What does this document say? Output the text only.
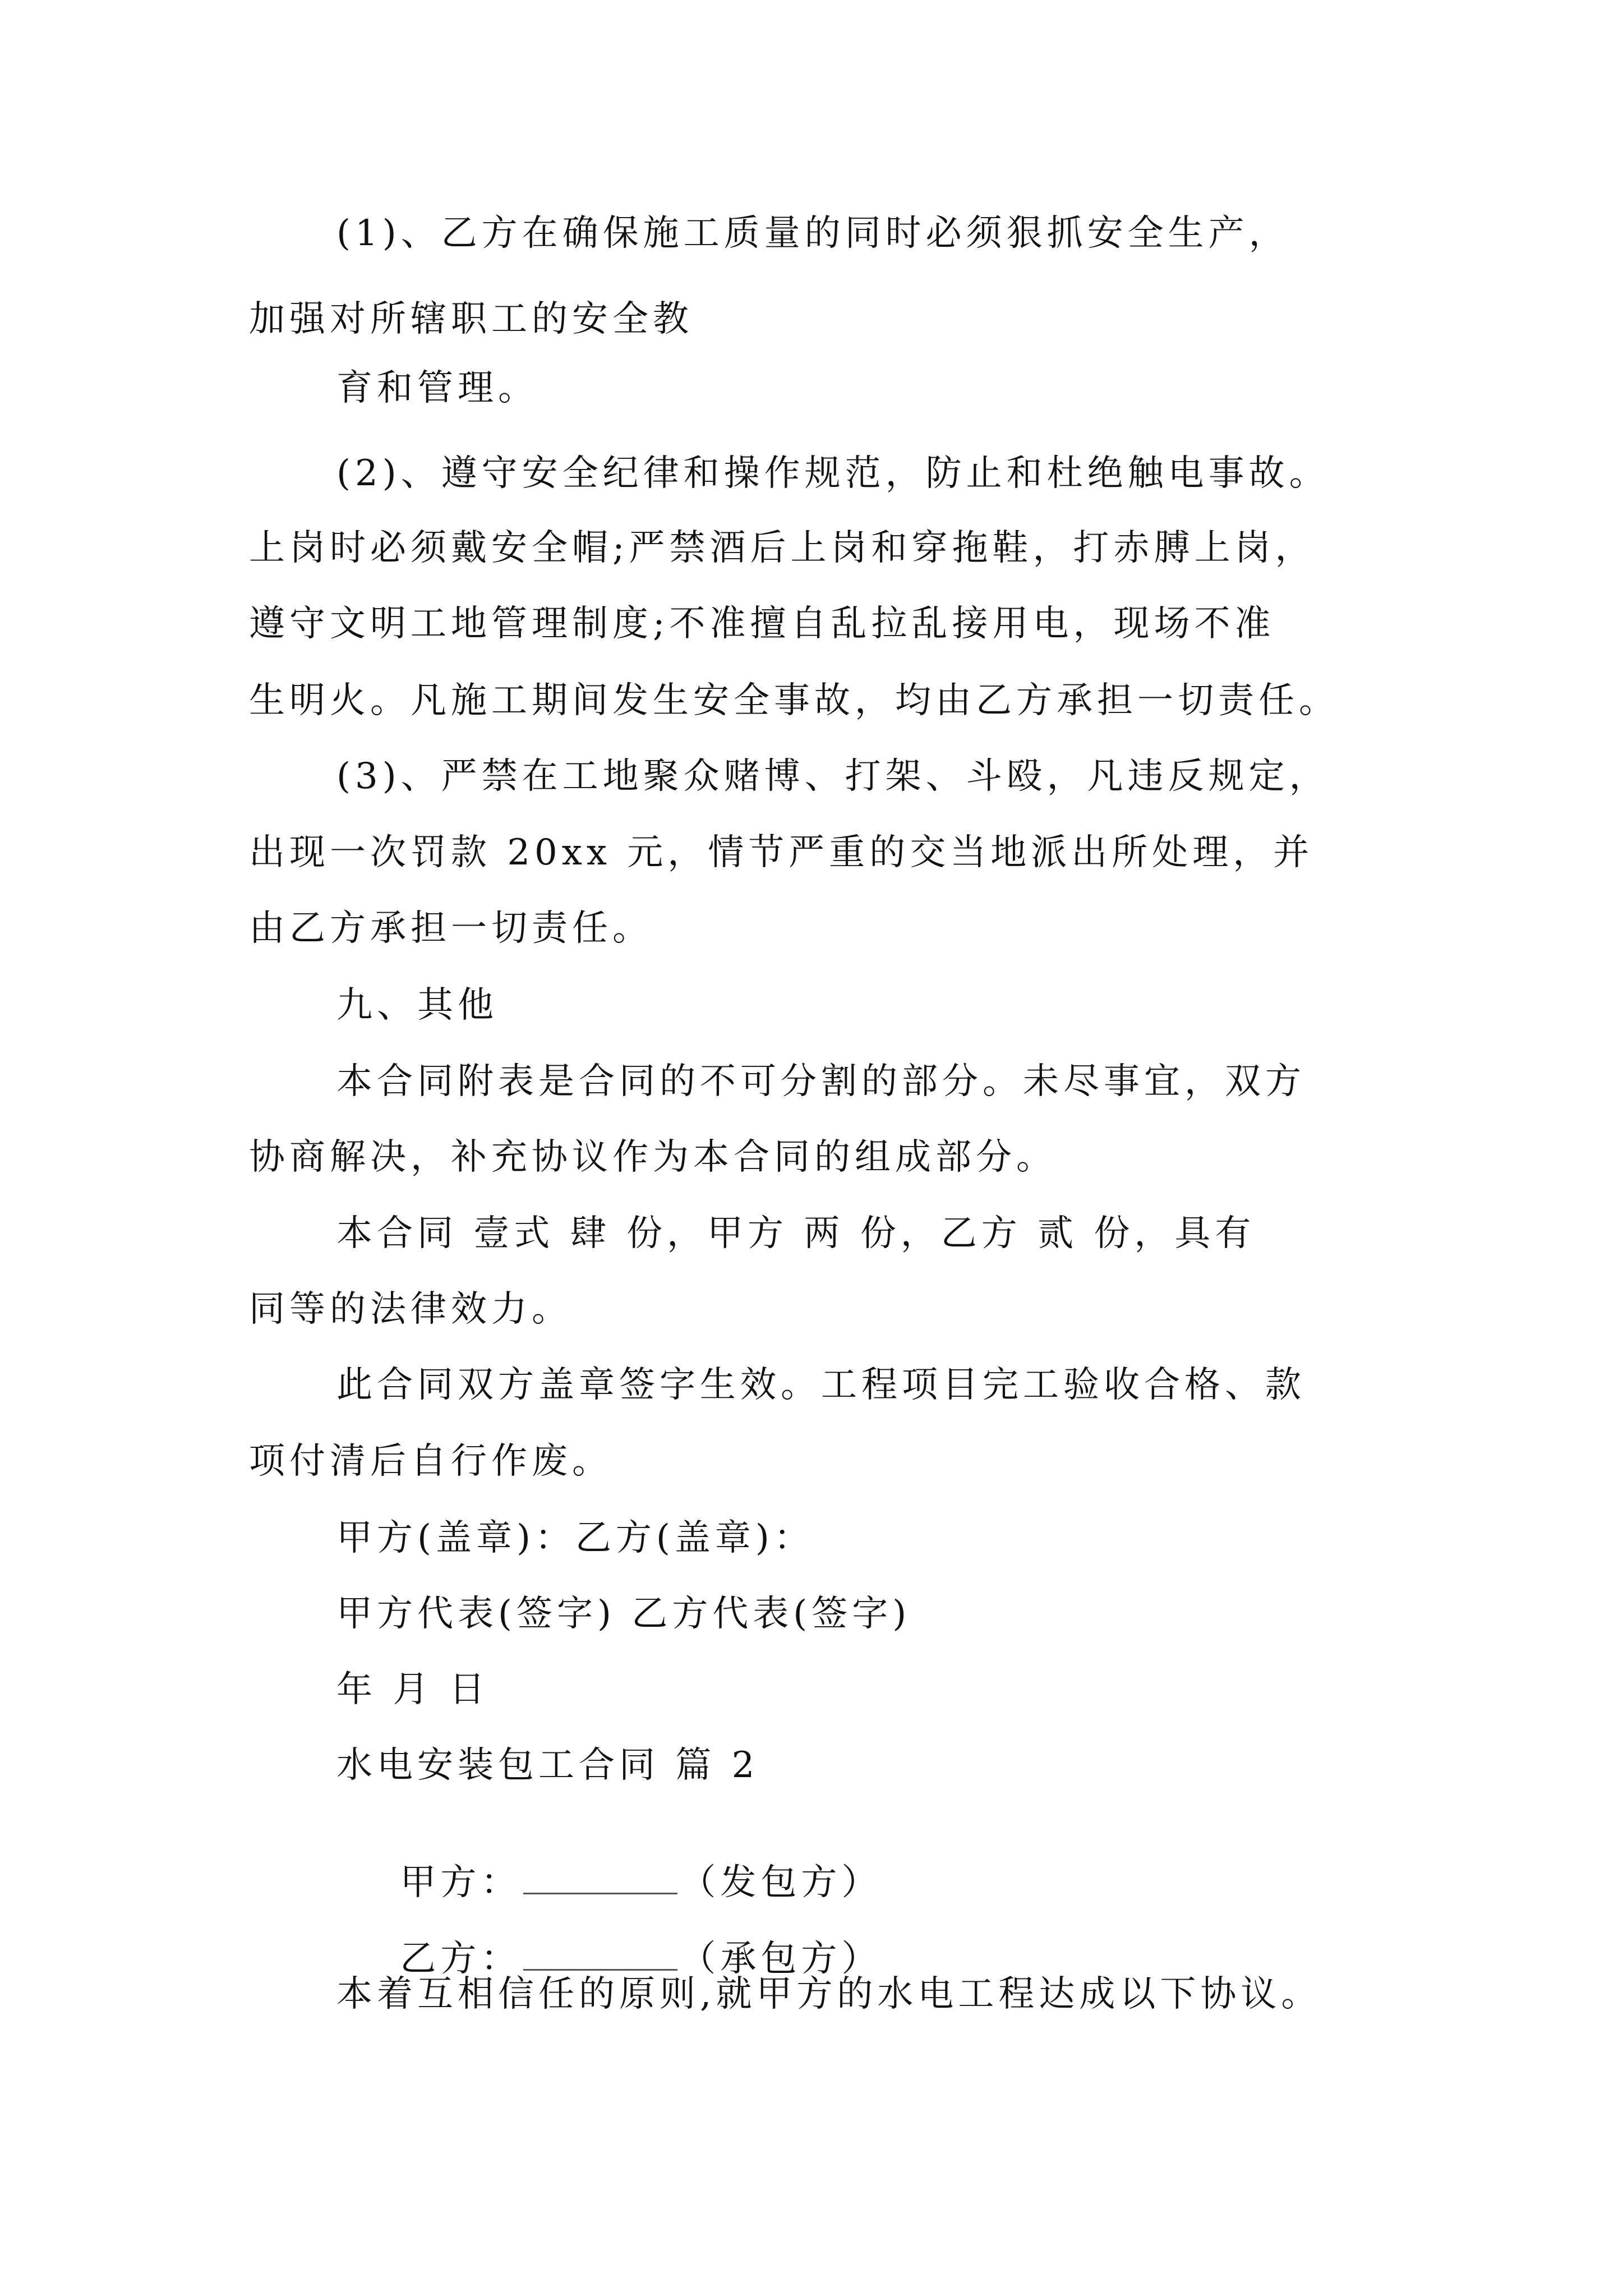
(1)、乙方在确保施工质量的同时必须狠抓安全生产，
加强对所辖职工的安全教
育和管理。
(2)、遵守安全纪律和操作规范，防止和杜绝触电事故。
上岗时必须戴安全帽;严禁酒后上岗和穿拖鞋，打赤膊上岗，
遵守文明工地管理制度;不准擅自乱拉乱接用电，现场不准
生明火。凡施工期间发生安全事故，均由乙方承担一切责任。
(3)、严禁在工地聚众赌博、打架、斗殴，凡违反规定，
出现一次罚款 20xx 元，情节严重的交当地派出所处理，并
由乙方承担一切责任。
九、其他
本合同附表是合同的不可分割的部分。未尽事宜，双方
协商解决，补充协议作为本合同的组成部分。
本合同 壹式 肆 份，甲方 两 份，乙方 贰 份，具有
同等的法律效力。
此合同双方盖章签字生效。工程项目完工验收合格、款
项付清后自行作废。
甲方(盖章)：乙方(盖章)：
甲方代表(签字) 乙方代表(签字)
年 月 日
水电安装包工合同 篇 2

甲方：	（发包方）

乙方：	（承包方）

本着互相信任的原则,就甲方的水电工程达成以下协议。
